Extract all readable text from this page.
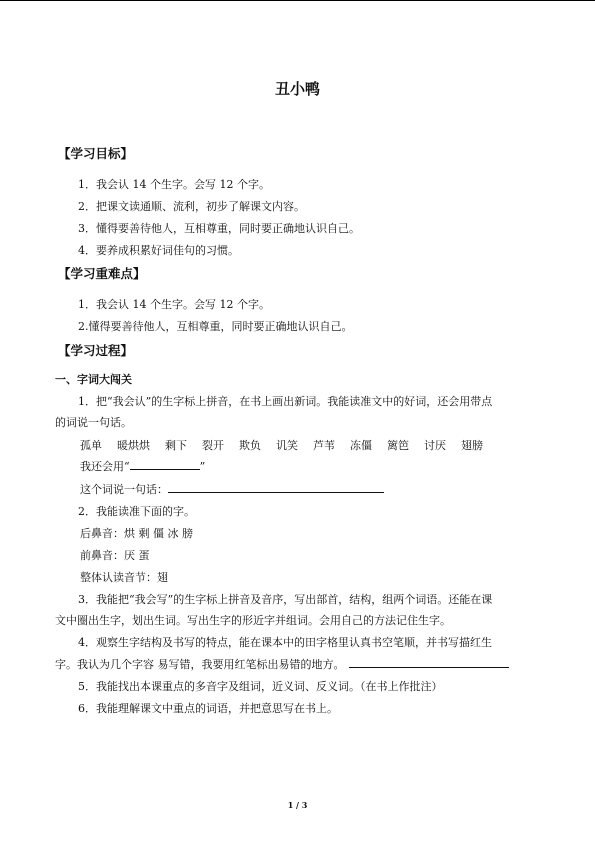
丑小鸭
【学习目标】
1．我会认 14 个生字。会写 12 个字。
2．把课文读通顺、流利，初步了解课文内容。
3．懂得要善待他人，互相尊重，同时要正确地认识自己。
4．要养成积累好词佳句的习惯。
【学习重难点】
1．我会认 14 个生字。会写 12 个字。
2.懂得要善待他人，互相尊重，同时要正确地认识自己。
【学习过程】
一、字词大闯关
1．把“我会认”的生字标上拼音，在书上画出新词。我能读准文中的好词，还会用带点
的词说一句话。
孤单 暖烘烘 剩下 裂开 欺负 讥笑 芦苇 冻僵 篱笆 讨厌 翅膀
我还会用“	”
这个词说一句话：
2．我能读准下面的字。
后鼻音：烘 剩 僵 冰 膀
前鼻音：厌 蛋
整体认读音节：翅
3．我能把“我会写”的生字标上拼音及音序，写出部首，结构，组两个词语。还能在课
文中圈出生字，划出生词。写出生字的形近字并组词。会用自己的方法记住生字。
4．观察生字结构及书写的特点，能在课本中的田字格里认真书空笔顺，并书写描红生
字。我认为几个字容 易写错，我要用红笔标出易错的地方。
5．我能找出本课重点的多音字及组词，近义词、反义词。（在书上作批注）
6．我能理解课文中重点的词语，并把意思写在书上。
1 / 3
